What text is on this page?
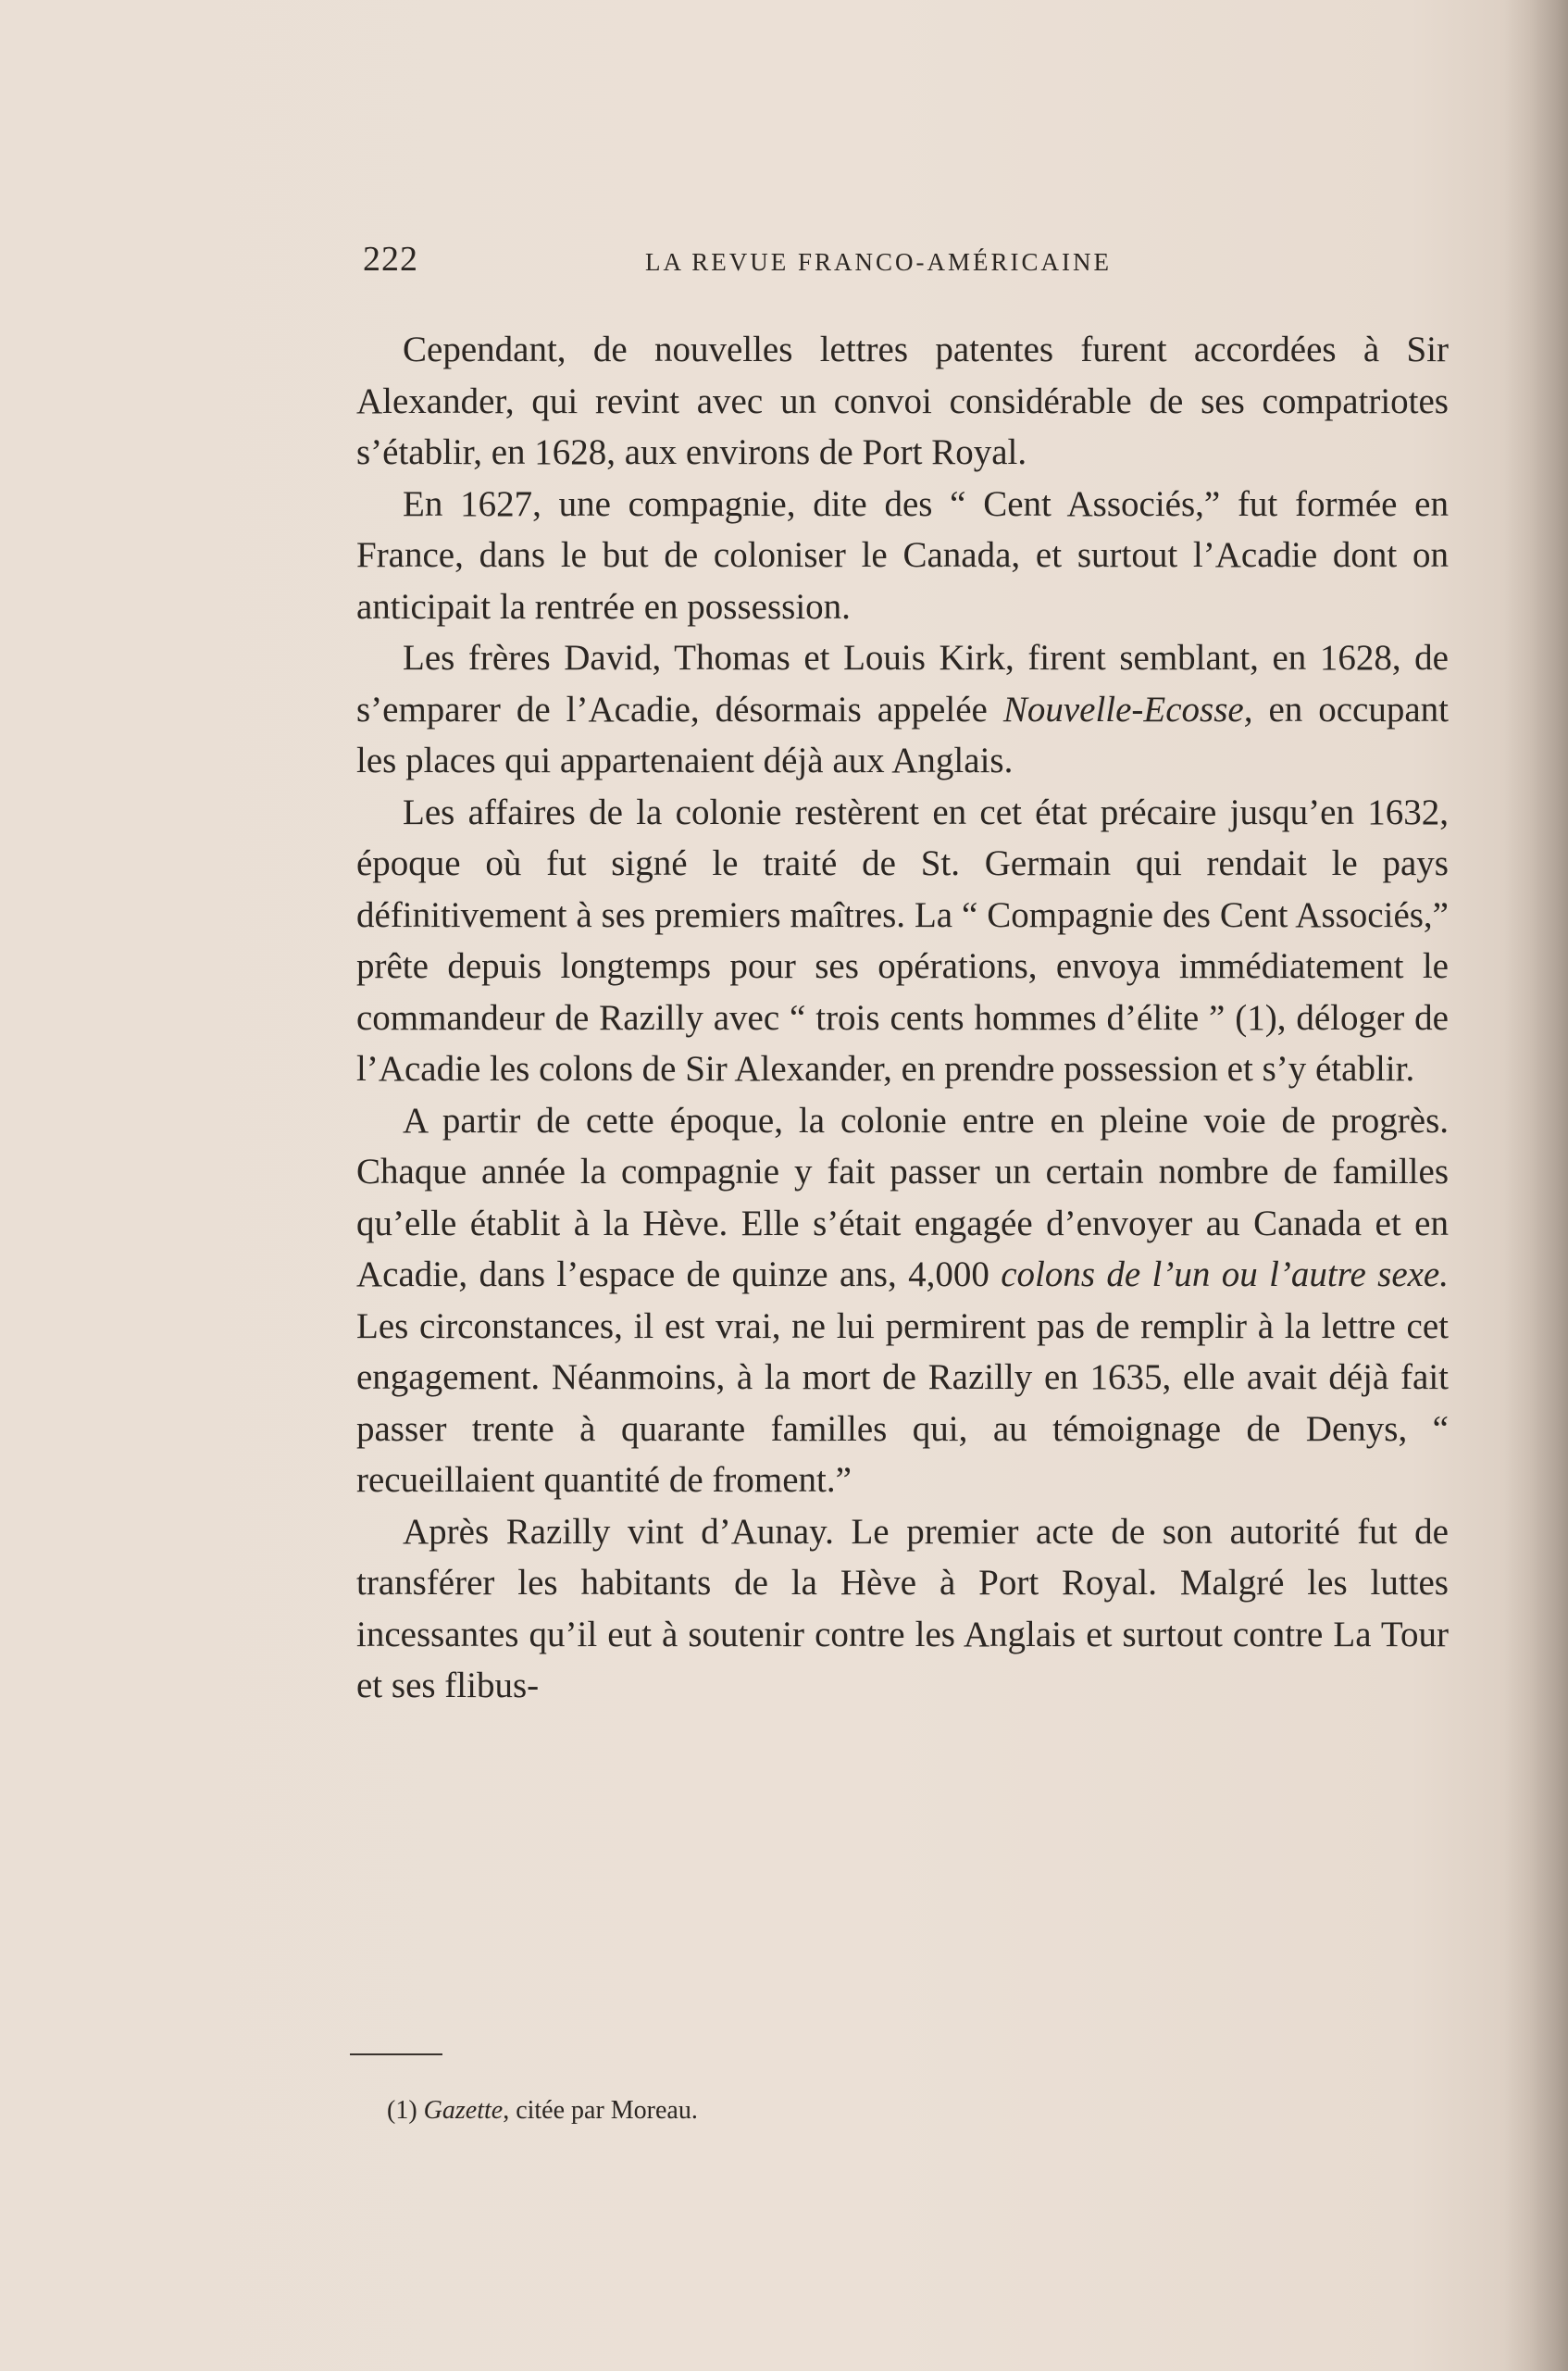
222	LA REVUE FRANCO-AMÉRICAINE

Cependant, de nouvelles lettres patentes furent accordées à Sir Alexander, qui revint avec un convoi considérable de ses compatriotes s’établir, en 1628, aux environs de Port Royal.

En 1627, une compagnie, dite des “ Cent Associés,” fut formée en France, dans le but de coloniser le Canada, et surtout l’Acadie dont on anticipait la rentrée en possession.

Les frères David, Thomas et Louis Kirk, firent semblant, en 1628, de s’emparer de l’Acadie, désormais appelée Nouvelle-Ecosse, en occupant les places qui appartenaient déjà aux Anglais.

Les affaires de la colonie restèrent en cet état précaire jusqu’en 1632, époque où fut signé le traité de St. Germain qui rendait le pays définitivement à ses premiers maîtres. La “ Compagnie des Cent Associés,” prête depuis longtemps pour ses opérations, envoya immédiatement le commandeur de Razilly avec “ trois cents hommes d’élite ” (1), déloger de l’Acadie les colons de Sir Alexander, en prendre possession et s’y établir.

A partir de cette époque, la colonie entre en pleine voie de progrès. Chaque année la compagnie y fait passer un certain nombre de familles qu’elle établit à la Hève. Elle s’était engagée d’envoyer au Canada et en Acadie, dans l’espace de quinze ans, 4,000 colons de l’un ou l’autre sexe. Les circonstances, il est vrai, ne lui permirent pas de remplir à la lettre cet engagement. Néanmoins, à la mort de Razilly en 1635, elle avait déjà fait passer trente à quarante familles qui, au témoignage de Denys, “ recueillaient quantité de froment.”

Après Razilly vint d’Aunay. Le premier acte de son autorité fut de transférer les habitants de la Hève à Port Royal. Malgré les luttes incessantes qu’il eut à soutenir contre les Anglais et surtout contre La Tour et ses flibus-

(1) Gazette, citée par Moreau.
